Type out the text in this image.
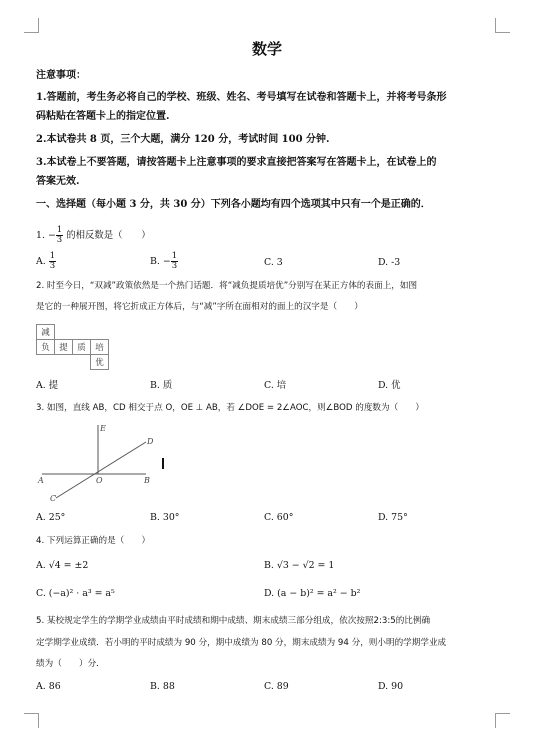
数学
注意事项：
1.答题前，考生务必将自己的学校、班级、姓名、考号填写在试卷和答题卡上，并将考号条形
码粘贴在答题卡上的指定位置.
2.本试卷共 8 页，三个大题，满分 120 分，考试时间 100 分钟.
3.本试卷上不要答题，请按答题卡上注意事项的要求直接把答案写在答题卡上，在试卷上的
答案无效.
一、选择题（每小题 3 分，共 30 分）下列各小题均有四个选项其中只有一个是正确的．
1. − $\frac{1}{3}$ 的相反数是（　　）
A. $\frac{1}{3}$	B. − $\frac{1}{3}$	C. 3	D. -3
2. 时至今日，“双减”政策依然是一个热门话题．将“减负提质培优”分别写在某正方体的表面上，如图
是它的一种展开图，将它折成正方体后，与“减”字所在面相对的面上的汉字是（　　）
减			
负	提	质	培
			优
A. 提	B. 质	C. 培	D. 优
3. 如图，直线 AB，CD 相交于点 O，OE ⊥ AB，若 ∠DOE = 2∠AOC，则∠BOD 的度数为（　　）
E
D
A	O	B
C
A. 25°	B. 30°	C. 60°	D. 75°
4. 下列运算正确的是（　　）
A. √4 = ±2	B. √3 − √2 = 1
C. (−a)² · a³ = a⁵	D. (a − b)² = a² − b²
5. 某校规定学生的学期学业成绩由平时成绩和期中成绩、期末成绩三部分组成，依次按照2:3:5的比例确
定学期学业成绩．若小明的平时成绩为 90 分，期中成绩为 80 分，期末成绩为 94 分，则小明的学期学业成
绩为（　　）分．
A. 86	B. 88	C. 89	D. 90
